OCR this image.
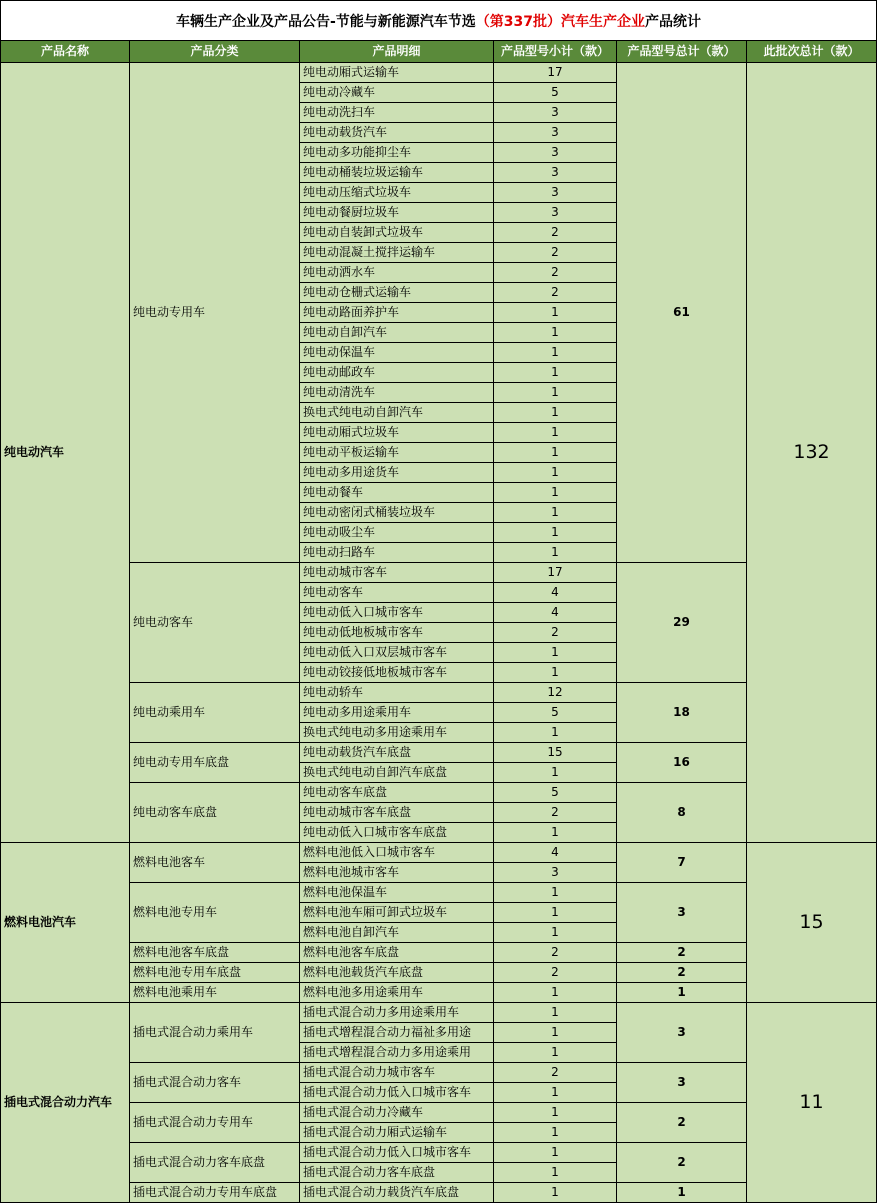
车辆生产企业及产品公告-节能与新能源汽车节选 （第337批）汽车生产企业 产品统计
产品名称	产品分类	产品明细	产品型号小计（款）	产品型号总计（款）	此批次总计（款）
纯电动汽车	纯电动专用车	纯电动厢式运输车	17	61	132
		纯电动冷藏车	5		
		纯电动洗扫车	3		
		纯电动载货汽车	3		
		纯电动多功能抑尘车	3		
		纯电动桶装垃圾运输车	3		
		纯电动压缩式垃圾车	3		
		纯电动餐厨垃圾车	3		
		纯电动自装卸式垃圾车	2		
		纯电动混凝土搅拌运输车	2		
		纯电动洒水车	2		
		纯电动仓栅式运输车	2		
		纯电动路面养护车	1		
		纯电动自卸汽车	1		
		纯电动保温车	1		
		纯电动邮政车	1		
		纯电动清洗车	1		
		换电式纯电动自卸汽车	1		
		纯电动厢式垃圾车	1		
		纯电动平板运输车	1		
		纯电动多用途货车	1		
		纯电动餐车	1		
		纯电动密闭式桶装垃圾车	1		
		纯电动吸尘车	1		
		纯电动扫路车	1		
	纯电动客车	纯电动城市客车	17	29	
		纯电动客车	4		
		纯电动低入口城市客车	4		
		纯电动低地板城市客车	2		
		纯电动低入口双层城市客车	1		
		纯电动铰接低地板城市客车	1		
	纯电动乘用车	纯电动轿车	12	18	
		纯电动多用途乘用车	5		
		换电式纯电动多用途乘用车	1		
	纯电动专用车底盘	纯电动载货汽车底盘	15	16	
		换电式纯电动自卸汽车底盘	1		
	纯电动客车底盘	纯电动客车底盘	5	8	
		纯电动城市客车底盘	2		
		纯电动低入口城市客车底盘	1		
燃料电池汽车	燃料电池客车	燃料电池低入口城市客车	4	7	15
		燃料电池城市客车	3		
	燃料电池专用车	燃料电池保温车	1	3	
		燃料电池车厢可卸式垃圾车	1		
		燃料电池自卸汽车	1		
	燃料电池客车底盘	燃料电池客车底盘	2	2	
	燃料电池专用车底盘	燃料电池载货汽车底盘	2	2	
	燃料电池乘用车	燃料电池多用途乘用车	1	1	
插电式混合动力汽车	插电式混合动力乘用车	插电式混合动力多用途乘用车	1	3	11
		插电式增程混合动力福祉多用途	1		
		插电式增程混合动力多用途乘用	1		
	插电式混合动力客车	插电式混合动力城市客车	2	3	
		插电式混合动力低入口城市客车	1		
	插电式混合动力专用车	插电式混合动力冷藏车	1	2	
		插电式混合动力厢式运输车	1		
	插电式混合动力客车底盘	插电式混合动力低入口城市客车	1	2	
		插电式混合动力客车底盘	1		
	插电式混合动力专用车底盘	插电式混合动力载货汽车底盘	1	1	
